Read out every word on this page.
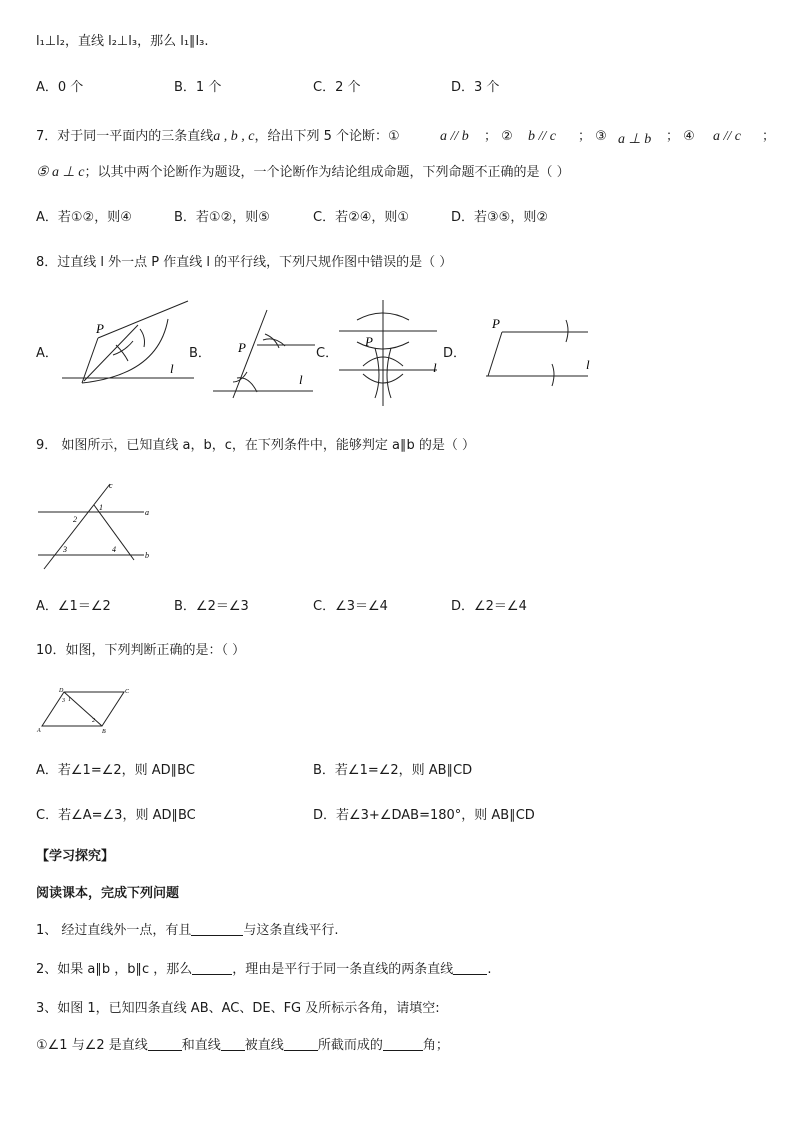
l₁⊥l₂，直线 l₂⊥l₃，那么 l₁∥l₃.
A．0 个	B．1 个	C．2 个	D．3 个
7．对于同一平面内的三条直线a , b , c，给出下列 5 个论断：①	a // b ； ② b // c ； ③ a ⊥ b ； ④ a // c ；
⑤ a ⊥ c；以其中两个论断作为题设，一个论断作为结论组成命题，下列命题不正确的是（ ）
A．若①②，则④	B．若①②，则⑤	C．若②④，则①	D．若③⑤，则②
8．过直线 l 外一点 P 作直线 l 的平行线，下列尺规作图中错误的是（ ）
A．	B．	C．	D．
P
l
P
l
P
l
P
l
9． 如图所示，已知直线 a，b，c，在下列条件中，能够判定 a∥b 的是（ ）
c
a
b
1
2
3	4
A．∠1＝∠2	B．∠2＝∠3	C．∠3＝∠4	D．∠2＝∠4
10．如图，下列判断正确的是：（ ）
A	B
C
D
1
2
3
A．若∠1=∠2，则 AD∥BC	B．若∠1=∠2，则 AB∥CD
C．若∠A=∠3，则 AD∥BC	D．若∠3+∠DAB=180°，则 AB∥CD
【学习探究】
阅读课本，完成下列问题
1、 经过直线外一点，有且	与这条直线平行.
2、如果 a∥b ，b∥c ，那么	，理由是平行于同一条直线的两条直线	.
3、如图 1，已知四条直线 AB、AC、DE、FG 及所标示各角，请填空:
①∠1 与∠2 是直线	和直线 被直线	所截而成的	角；
